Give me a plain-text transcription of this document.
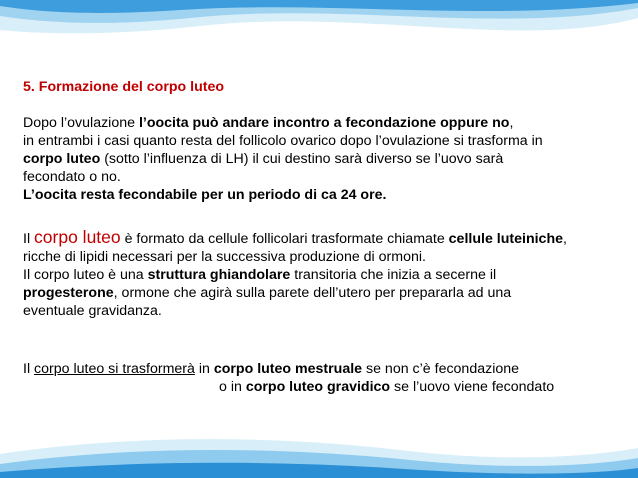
5. Formazione del corpo luteo
Dopo l’ovulazione l’oocita può andare incontro a fecondazione oppure no,
in entrambi i casi quanto resta del follicolo ovarico dopo l’ovulazione si trasforma in
corpo luteo (sotto l’influenza di LH) il cui destino sarà diverso se l’uovo sarà
fecondato o no.
L’oocita resta fecondabile per un periodo di ca 24 ore.
Il corpo luteo è formato da cellule follicolari trasformate chiamate cellule luteiniche,
ricche di lipidi necessari per la successiva produzione di ormoni.
Il corpo luteo è una struttura ghiandolare transitoria che inizia a secerne il
progesterone, ormone che agirà sulla parete dell’utero per prepararla ad una
eventuale gravidanza.
Il corpo luteo si trasformerà in corpo luteo mestruale se non c’è fecondazione
o in corpo luteo gravidico se l’uovo viene fecondato
